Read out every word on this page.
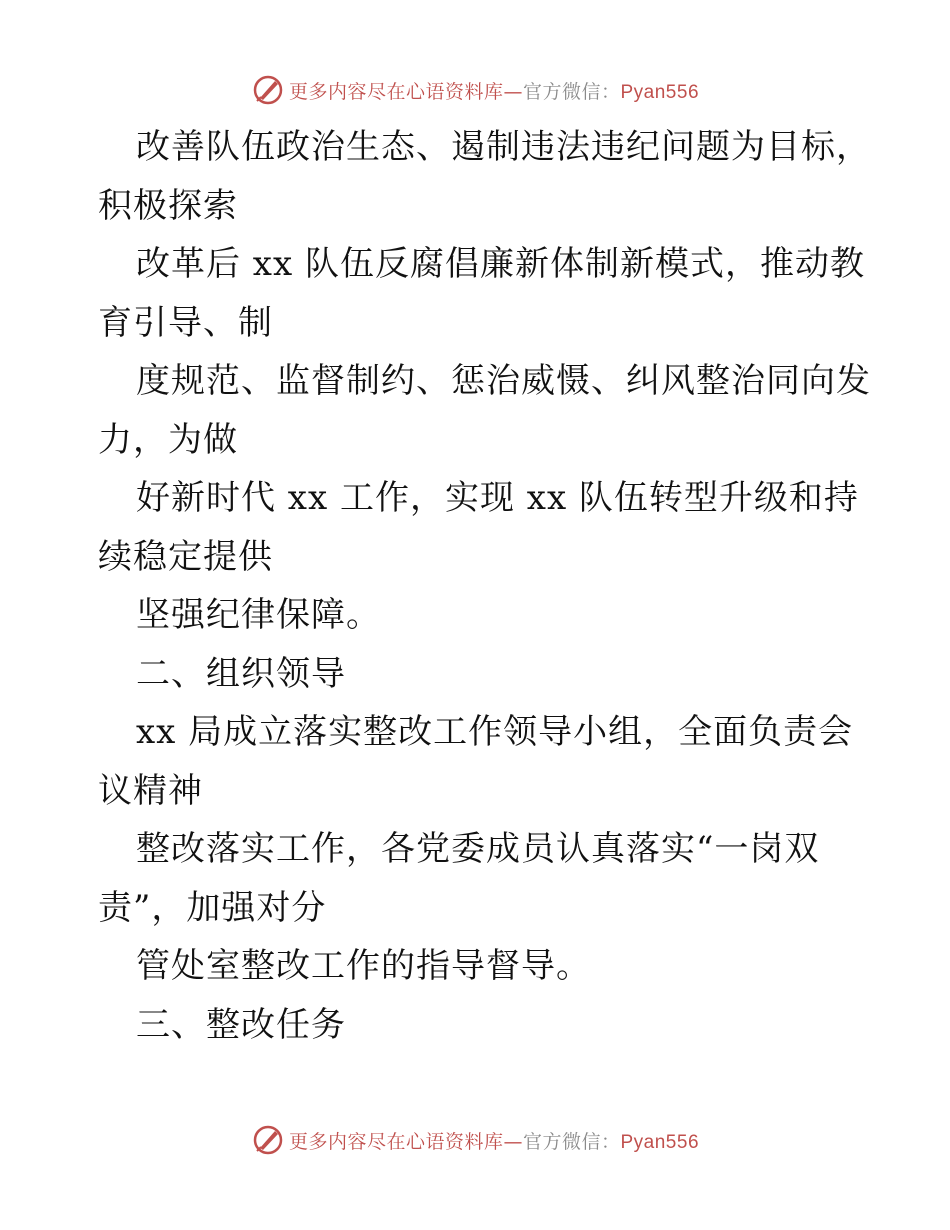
更多内容尽在心语资料库—官方微信：Pyan556
改善队伍政治生态、遏制违法违纪问题为目标，
积极探索
改革后 xx 队伍反腐倡廉新体制新模式，推动教
育引导、制
度规范、监督制约、惩治威慑、纠风整治同向发
力，为做
好新时代 xx 工作，实现 xx 队伍转型升级和持
续稳定提供
坚强纪律保障。
二、组织领导
xx 局成立落实整改工作领导小组，全面负责会
议精神
整改落实工作，各党委成员认真落实“一岗双
责”，加强对分
管处室整改工作的指导督导。
三、整改任务
更多内容尽在心语资料库—官方微信：Pyan556
